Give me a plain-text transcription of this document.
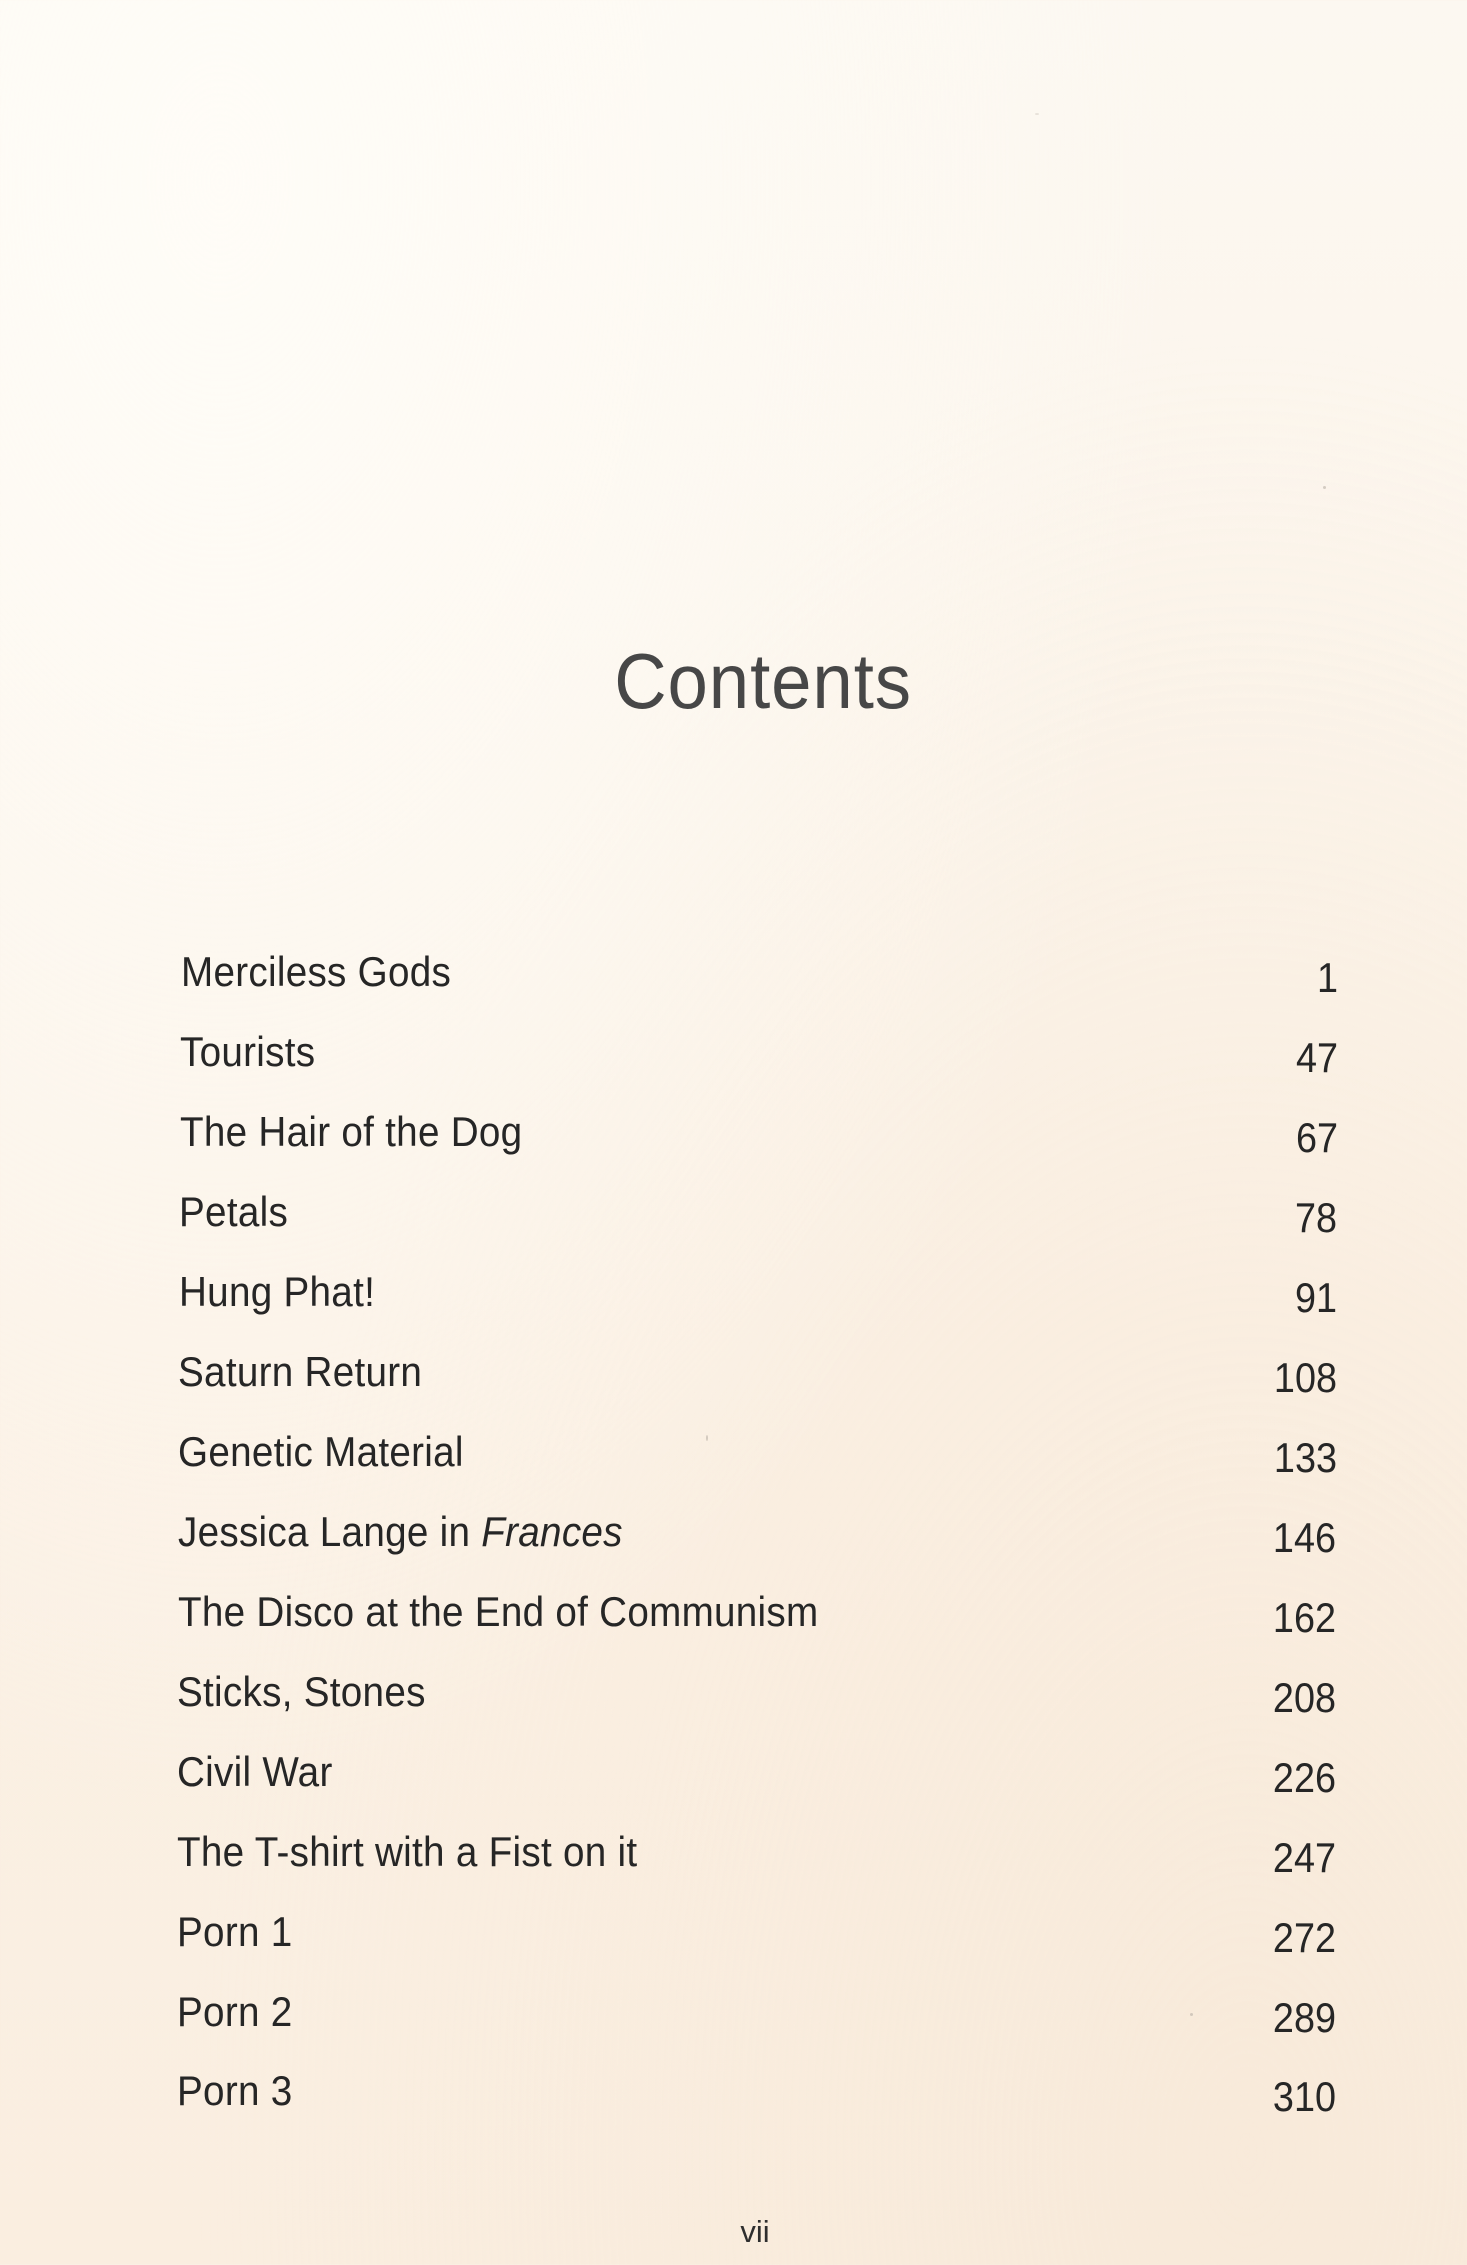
Contents
Merciless Gods	1
Tourists	47
The Hair of the Dog	67
Petals	78
Hung Phat!	91
Saturn Return	108
Genetic Material	133
Jessica Lange in Frances	146
The Disco at the End of Communism	162
Sticks, Stones	208
Civil War	226
The T-shirt with a Fist on it	247
Porn 1	272
Porn 2	289
Porn 3	310
vii
